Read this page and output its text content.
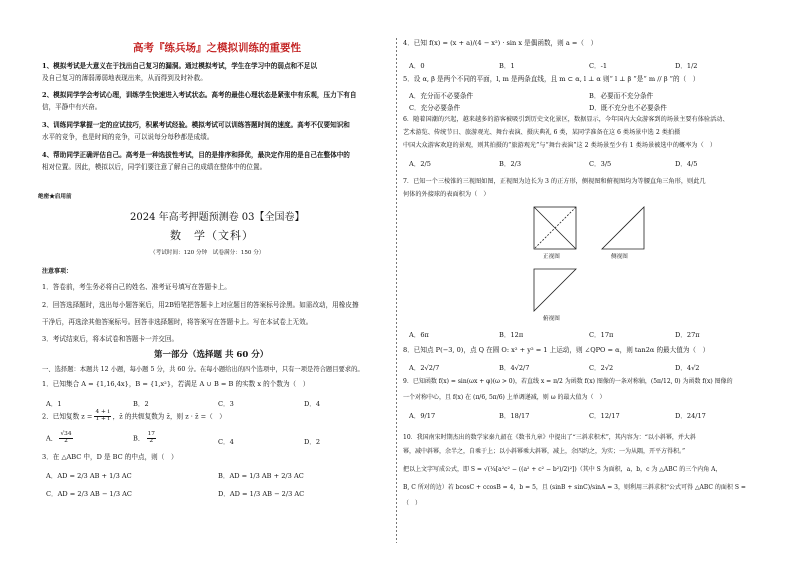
高考『练兵场』之模拟训练的重要性
1、模拟考试是大意义在于找出自己复习的漏洞。通过模拟考试，学生在学习中的弱点和不足以
及自己复习的薄弱薄弱地表现出来，从而得到及时补救。
2、模拟同学学会考试心理，训练学生快速进入考试状态。高考的最佳心理状态是紧张中有乐观，压力下有自
信，平静中有兴奋。
3、训练同学掌握一定的应试技巧，积累考试经验。模拟考试可以训练答题时间的速度。高考不仅要知识和
水平的竞争，也是时间的竞争，可以说每分每秒都是成绩。
4、帮助同学正确评估自己。高考是一种选拔性考试，目的是排序和择优，最决定作用的是自己在整体中的
相对位置。因此，模拟以后，同学们要注意了解自己的成绩在整体中的位置。
绝密★启用前
2024 年高考押题预测卷 03【全国卷】
数　学（文科）
（考试时间：120 分钟　试卷满分：150 分）
注意事项：
1．答卷前，考生务必将自己的姓名、准考证号填写在答题卡上。
2．回答选择题时，选出每小题答案后，用2B铅笔把答题卡上对应题目的答案标号涂黑。如需改动，用橡皮擦
干净后，再选涂其他答案标号。回答非选择题时，将答案写在答题卡上。写在本试卷上无效。
3．考试结束后，将本试卷和答题卡一并交回。
第一部分（选择题 共 60 分）
一、选择题：本题共 12 小题，每小题 5 分，共 60 分。在每小题给出的四个选项中，只有一项是符合题目要求的。
1．已知集合 A = {1,16,4x}，B = {1,x²}，若满足 A ∪ B = B 的实数 x 的个数为（　）
A．1	B．2	C．3	D．4
2．已知复数 $z = \frac{4 + i}{1 + i}$ ，z̄ 的共轭复数为 z̄，则 z · z̄ =（　）
A． $\frac{√34}{2}$	B． $\frac{17}{2}$	C．4	D．2
3．在 △ABC 中，D 是 BC 的中点，则（　）
A．AD = 2/3 AB + 1/3 AC	B．AD = 1/3 AB + 2/3 AC
C．AD = 2/3 AB − 1/3 AC	D．AD = 1/3 AB − 2/3 AC
4．已知 f(x) = (x + a)/(4 − x²) · sin x 是偶函数，则 a =（　）
A．0	B．1	C．-1	D．1/2
5．设 α, β 是两个不同的平面，l, m 是两条直线，且 m ⊂ α, l ⊥ α 则“ l ⊥ β ”是“ m // β ”的（　）
A．充分而不必要条件	B．必要而不充分条件
C．充分必要条件	D．既不充分也不必要条件
6．随着国潮的兴起，越来越多的游客被吸引到历史文化景区，数据显示，今年国内大众游客到的场景主要有体验活动、
艺术游览、传统节日、旅游观光、舞台表演、摄庆典礼 6 类，某同学准备在这 6 类场景中选 2 类拍摄
中国大众游客欢迎的景观，则其拍摄的“旅游观光”与“舞台表演”这 2 类场景至少有 1 类场景被选中的概率为（　）
A．2/5	B．2/3	C．3/5	D．4/5
7．已知一个三棱锥的三视图如图，正视图为边长为 3 的正方形，侧视图和俯视图均为等腰直角三角形，则此几
何体的外接球的表面积为（　）
正视图	侧视图
俯视图
A．6π	B．12π	C．17π	D．27π
8．已知点 P(−3, 0)，点 Q 在圆 O: x² + y² = 1 上运动，则 ∠QPO = α，则 tan2α 的最大值为（　）
A．2√2/7	B．4√2/7	C．2√2	D．4√2
9．已知函数 f(x) = sin(ωx + φ)(ω > 0)，若直线 x = π/2 为函数 f(x) 图像的一条对称轴，(5π/12, 0) 为函数 f(x) 图像的
一个对称中心，且 f(x) 在 (π/6, 5π/6) 上单调递减，则 ω 的最大值为（　）
A．9/17	B．18/17	C．12/17	D．24/17
10．我国南宋时期杰出的数学家秦九韶在《数书九章》中提出了“三斜求积术”，其内容为：“以小斜幂，并大斜
幂，减中斜幂，余半之，自乘于上；以小斜幂乘大斜幂，减上，余四约之，为实；一为从隅，开平方得积。”
把以上文字写成公式，即 S = √(¼[a²c² − ((a² + c² − b²)/2)²])（其中 S 为面积，a，b，c 为 △ABC 的三个内角 A，
B, C 所对的边）若 bcosC + ccosB = 4，b = 5，且 (sinB + sinC)/sinA = 3，则利用三斜求积“公式可得 △ABC 的面积 S =
（　）
